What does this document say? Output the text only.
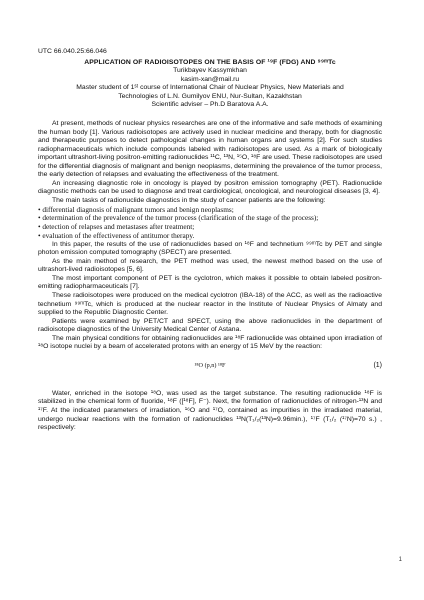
UTC 66.040.25:66.046

APPLICATION OF RADIOISOTOPES ON THE BASIS OF ¹⁹F (FDG) AND ⁹⁹ᵐTc

Turikbayev Kassymkhan

kasim-xan@mail.ru

Master student of 1ˢᵗ course of International Chair of Nuclear Physics, New Materials and

Technologies of L.N. Gumilyov ENU, Nur-Sultan, Kazakhstan

Scientific adviser – Ph.D Baratova A.A.

At present, methods of nuclear physics researches are one of the informative and safe methods of examining the human body [1]. Various radioisotopes are actively used in nuclear medicine and therapy, both for diagnostic and therapeutic purposes to detect pathological changes in human organs and systems [2]. For such studies radiopharmaceuticals which include compounds labeled with radioisotopes are used. As a mark of biologically important ultrashort-living positron-emitting radionuclides ¹¹C, ¹³N, ¹⁵O, ¹⁸F are used. These radioisotopes are used for the differential diagnosis of malignant and benign neoplasms, determining the prevalence of the tumor process, the early detection of relapses and evaluating the effectiveness of the treatment.

An increasing diagnostic role in oncology is played by positron emission tomography (PET). Radionuclide diagnostic methods can be used to diagnose and treat cardiological, oncological, and neurological diseases [3, 4].

The main tasks of radionuclide diagnostics in the study of cancer patients are the following:

• differential diagnosis of malignant tumors and benign neoplasms;

• determination of the prevalence of the tumor process (clarification of the stage of the process);

• detection of relapses and metastases after treatment;

• evaluation of the effectiveness of antitumor therapy.

In this paper, the results of the use of radionuclides based on ¹⁸F and technetium ⁹⁹ᵐTc by PET and single photon emission computed tomography (SPECT) are presented.

As the main method of research, the PET method was used, the newest method based on the use of ultrashort-lived radioisotopes [5, 6].

The most important component of PET is the cyclotron, which makes it possible to obtain labeled positron-emitting radiopharmaceuticals [7].

These radioisotopes were produced on the medical cyclotron (IBA-18) of the ACC, as well as the radioactive technetium ⁹⁹ᵐTc, which is produced at the nuclear reactor in the Institute of Nuclear Physics of Almaty and supplied to the Republic Diagnostic Center.

Patients were examined by PET/CT and SPECT, using the above radionuclides in the department of radioisotope diagnostics of the University Medical Center of Astana.

The main physical conditions for obtaining radionuclides are ¹⁸F radionuclide was obtained upon irradiation of ¹⁸O isotope nuclei by a beam of accelerated protons with an energy of 15 MeV by the reaction:

¹⁸O (p,n) ¹⁸F	(1)

Water, enriched in the isotope ¹⁸O, was used as the target substance. The resulting radionuclide ¹⁸F is stabilized in the chemical form of fluoride, ¹⁸F ([¹⁸F], F⁻). Next, the formation of radionuclides of nitrogen-¹³N and ¹⁷F. At the indicated parameters of irradiation, ¹⁶O and ¹⁷O, contained as impurities in the irradiated material, undergo nuclear reactions with the formation of radionuclides ¹³N(T₁/₂(¹³N)=9.96min.), ¹⁷F (T₁/₂ (¹⁷N)=70 s.) , respectively:

1
